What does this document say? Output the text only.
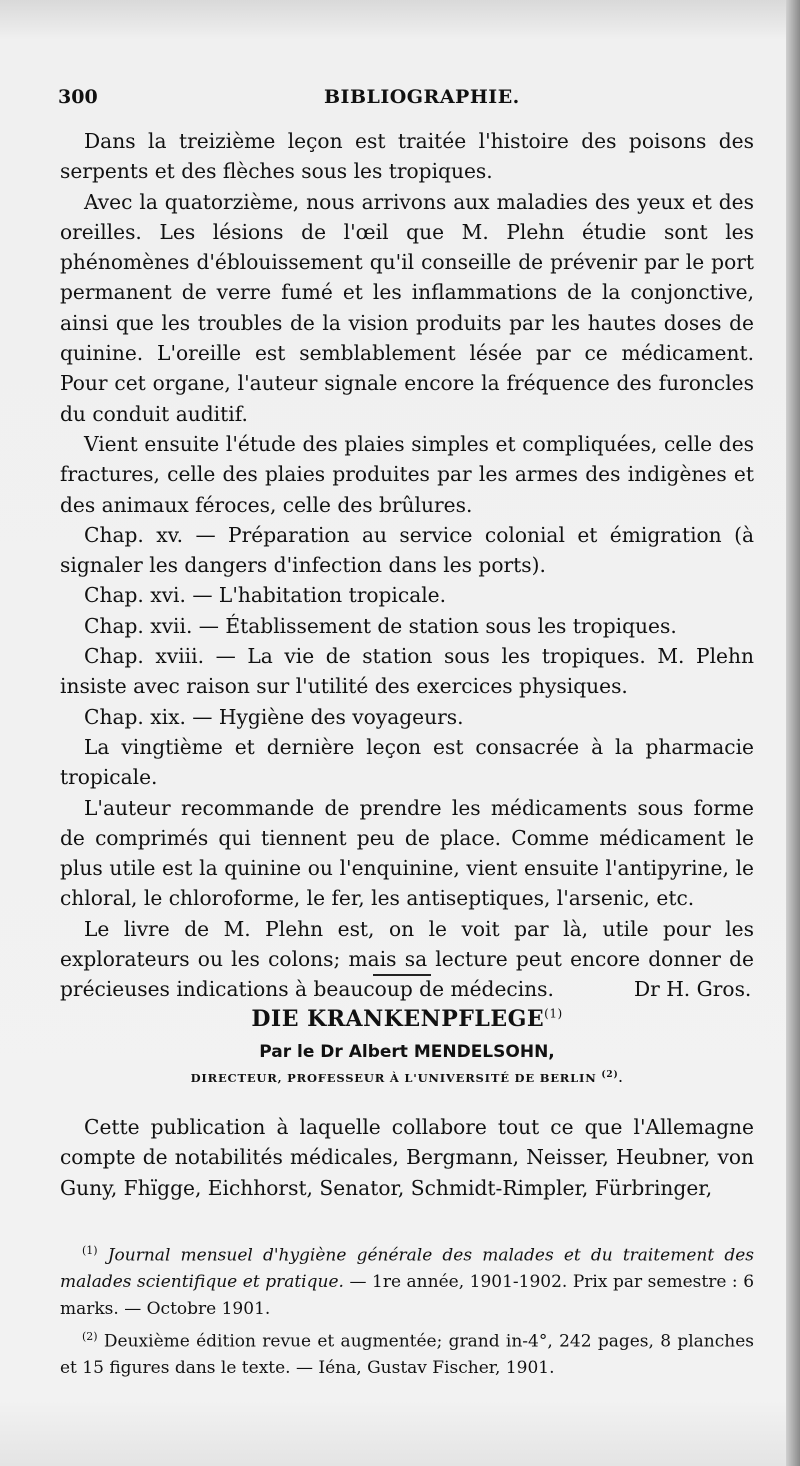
300	BIBLIOGRAPHIE.

Dans la treizième leçon est traitée l'histoire des poisons des serpents et des flèches sous les tropiques.

Avec la quatorzième, nous arrivons aux maladies des yeux et des oreilles. Les lésions de l'œil que M. Plehn étudie sont les phénomènes d'éblouissement qu'il conseille de prévenir par le port permanent de verre fumé et les inflammations de la conjonctive, ainsi que les troubles de la vision produits par les hautes doses de quinine. L'oreille est semblablement lésée par ce médicament. Pour cet organe, l'auteur signale encore la fréquence des furoncles du conduit auditif.

Vient ensuite l'étude des plaies simples et compliquées, celle des fractures, celle des plaies produites par les armes des indigènes et des animaux féroces, celle des brûlures.

Chap. xv. — Préparation au service colonial et émigration (à signaler les dangers d'infection dans les ports).

Chap. xvi. — L'habitation tropicale.

Chap. xvii. — Établissement de station sous les tropiques.

Chap. xviii. — La vie de station sous les tropiques. M. Plehn insiste avec raison sur l'utilité des exercices physiques.

Chap. xix. — Hygiène des voyageurs.

La vingtième et dernière leçon est consacrée à la pharmacie tropicale.

L'auteur recommande de prendre les médicaments sous forme de comprimés qui tiennent peu de place. Comme médicament le plus utile est la quinine ou l'enquinine, vient ensuite l'antipyrine, le chloral, le chloroforme, le fer, les antiseptiques, l'arsenic, etc.

Le livre de M. Plehn est, on le voit par là, utile pour les explorateurs ou les colons; mais sa lecture peut encore donner de précieuses indications à beaucoup de médecins.	Dr H. Gros.

DIE KRANKENPFLEGE$^{(1)}$
Par le Dr Albert MENDELSOHN,
DIRECTEUR, PROFESSEUR À L'UNIVERSITÉ DE BERLIN $^{(2)}$.

Cette publication à laquelle collabore tout ce que l'Allemagne compte de notabilités médicales, Bergmann, Neisser, Heubner, von Guny, Fhïgge, Eichhorst, Senator, Schmidt-Rimpler, Fürbringer,

$^{(1)}$ Journal mensuel d'hygiène générale des malades et du traitement des malades scientifique et pratique. — 1re année, 1901-1902. Prix par semestre : 6 marks. — Octobre 1901.

$^{(2)}$ Deuxième édition revue et augmentée; grand in-4°, 242 pages, 8 planches et 15 figures dans le texte. — Iéna, Gustav Fischer, 1901.
